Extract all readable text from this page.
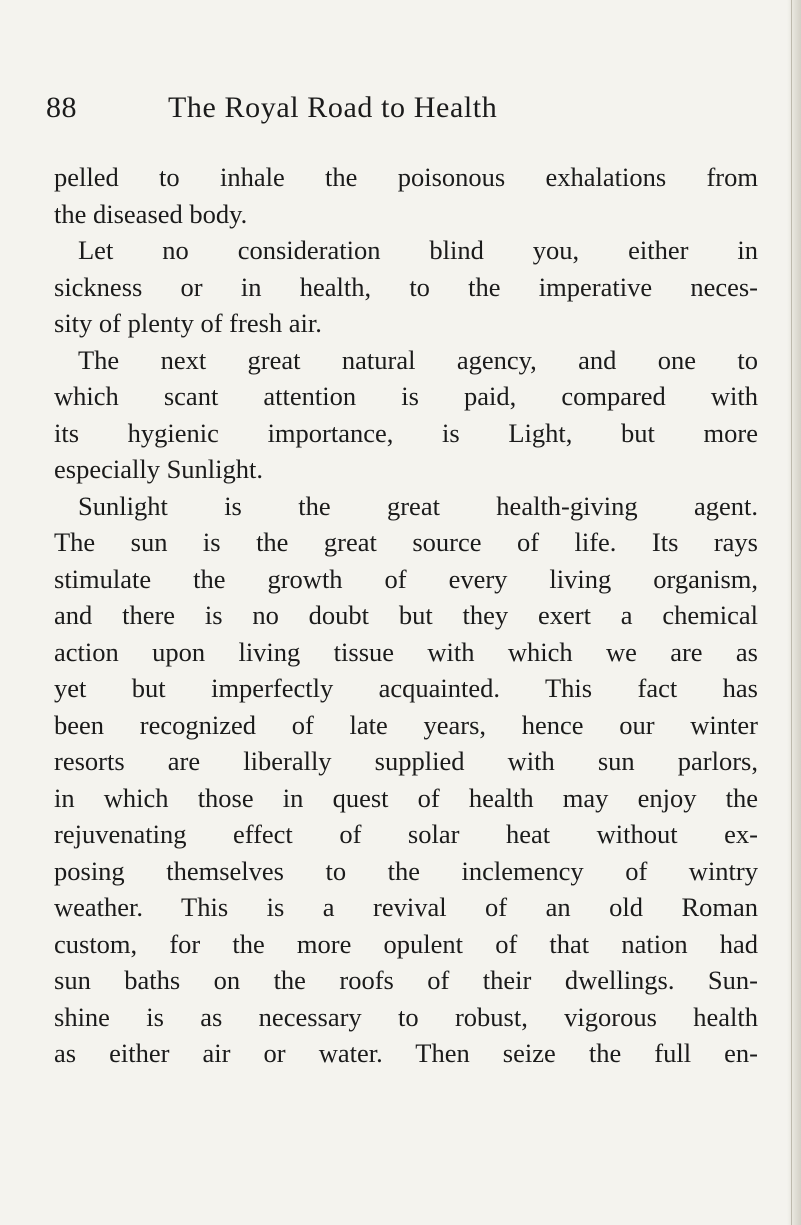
88	The Royal Road to Health
pelled to inhale the poisonous exhalations from
the diseased body.
Let no consideration blind you, either in
sickness or in health, to the imperative neces-
sity of plenty of fresh air.
The next great natural agency, and one to
which scant attention is paid, compared with
its hygienic importance, is Light, but more
especially Sunlight.
Sunlight is the great health-giving agent.
The sun is the great source of life. Its rays
stimulate the growth of every living organism,
and there is no doubt but they exert a chemical
action upon living tissue with which we are as
yet but imperfectly acquainted. This fact has
been recognized of late years, hence our winter
resorts are liberally supplied with sun parlors,
in which those in quest of health may enjoy the
rejuvenating effect of solar heat without ex-
posing themselves to the inclemency of wintry
weather. This is a revival of an old Roman
custom, for the more opulent of that nation had
sun baths on the roofs of their dwellings. Sun-
shine is as necessary to robust, vigorous health
as either air or water. Then seize the full en-
